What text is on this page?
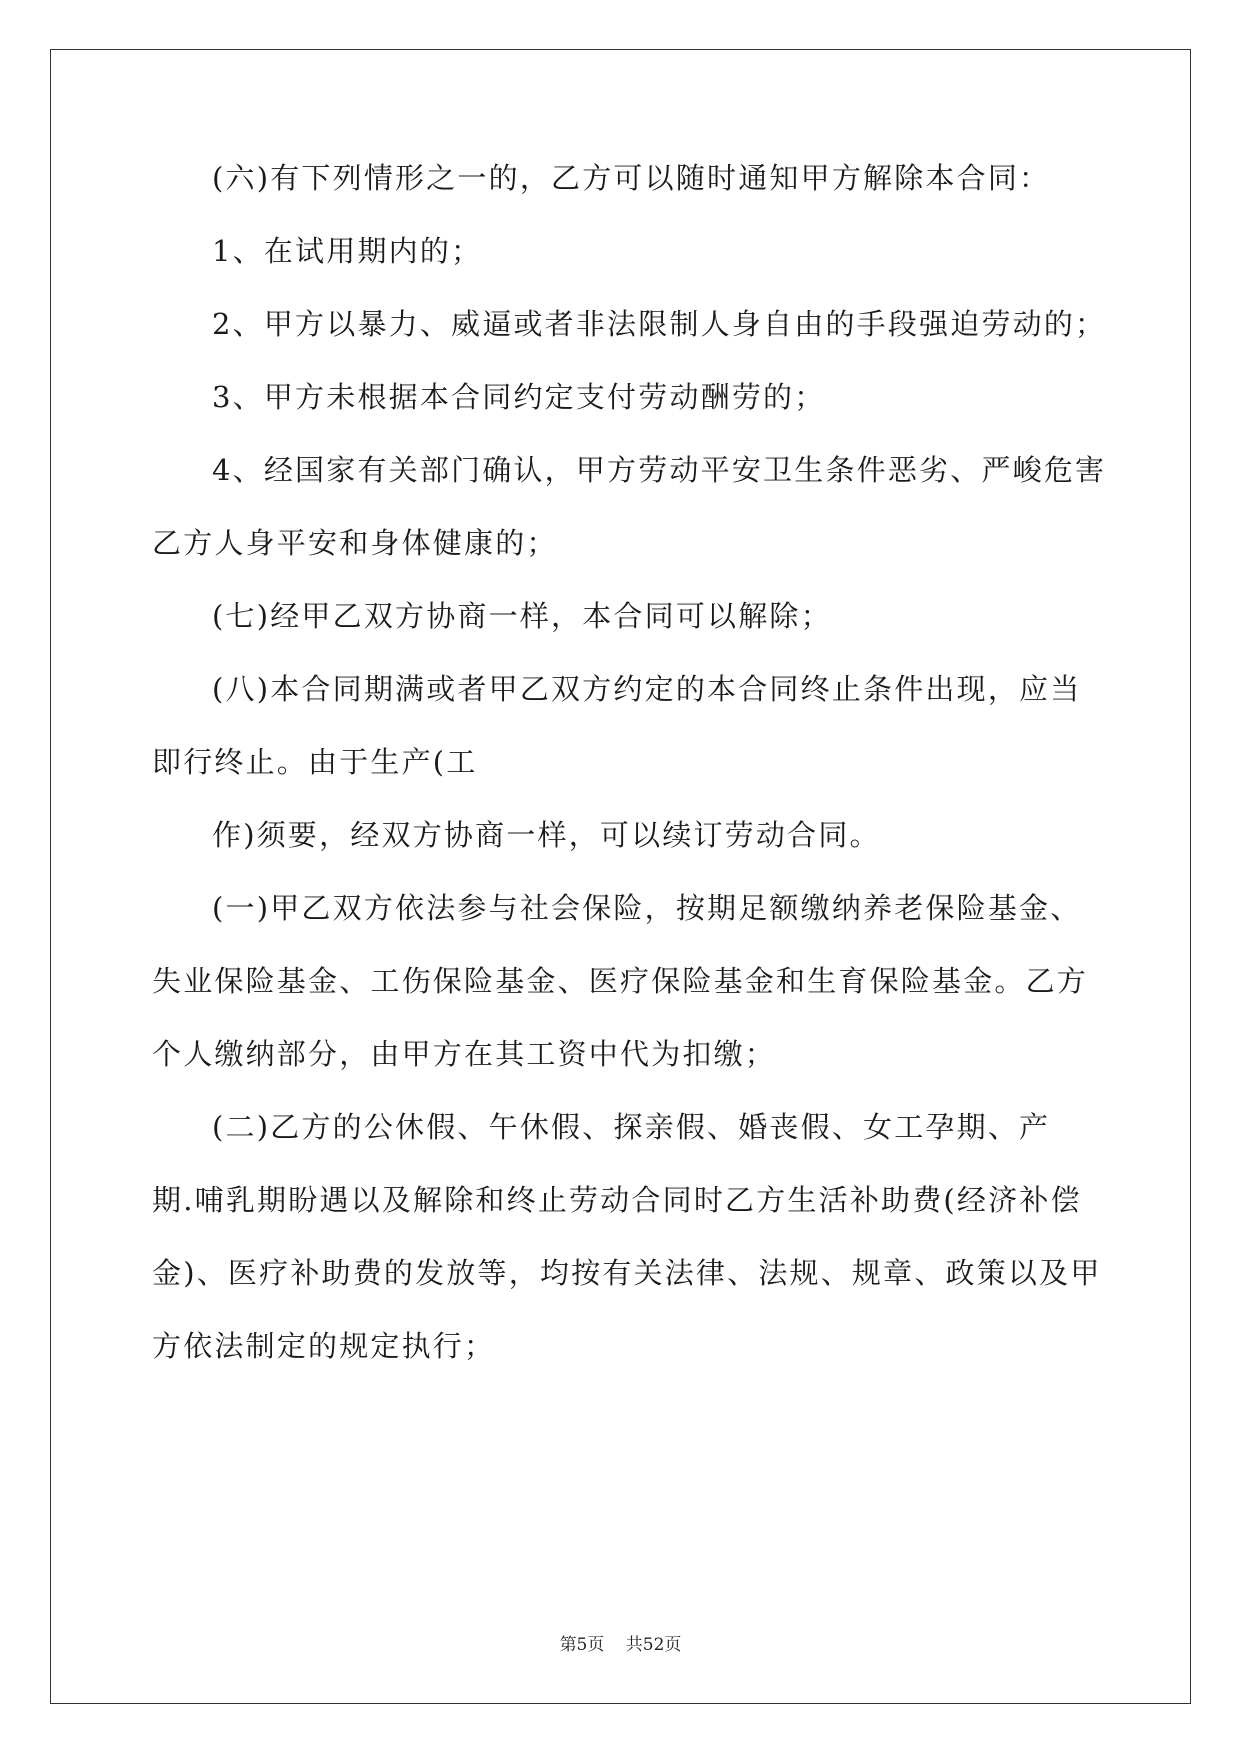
(六)有下列情形之一的，乙方可以随时通知甲方解除本合同：
1、在试用期内的；
2、甲方以暴力、威逼或者非法限制人身自由的手段强迫劳动的；
3、甲方未根据本合同约定支付劳动酬劳的；
4、经国家有关部门确认，甲方劳动平安卫生条件恶劣、严峻危害
乙方人身平安和身体健康的；
(七)经甲乙双方协商一样，本合同可以解除；
(八)本合同期满或者甲乙双方约定的本合同终止条件出现，应当
即行终止。由于生产(工
作)须要，经双方协商一样，可以续订劳动合同。
(一)甲乙双方依法参与社会保险，按期足额缴纳养老保险基金、
失业保险基金、工伤保险基金、医疗保险基金和生育保险基金。乙方
个人缴纳部分，由甲方在其工资中代为扣缴；
(二)乙方的公休假、午休假、探亲假、婚丧假、女工孕期、产
期.哺乳期盼遇以及解除和终止劳动合同时乙方生活补助费(经济补偿
金)、医疗补助费的发放等，均按有关法律、法规、规章、政策以及甲
方依法制定的规定执行；
第5页 共52页
